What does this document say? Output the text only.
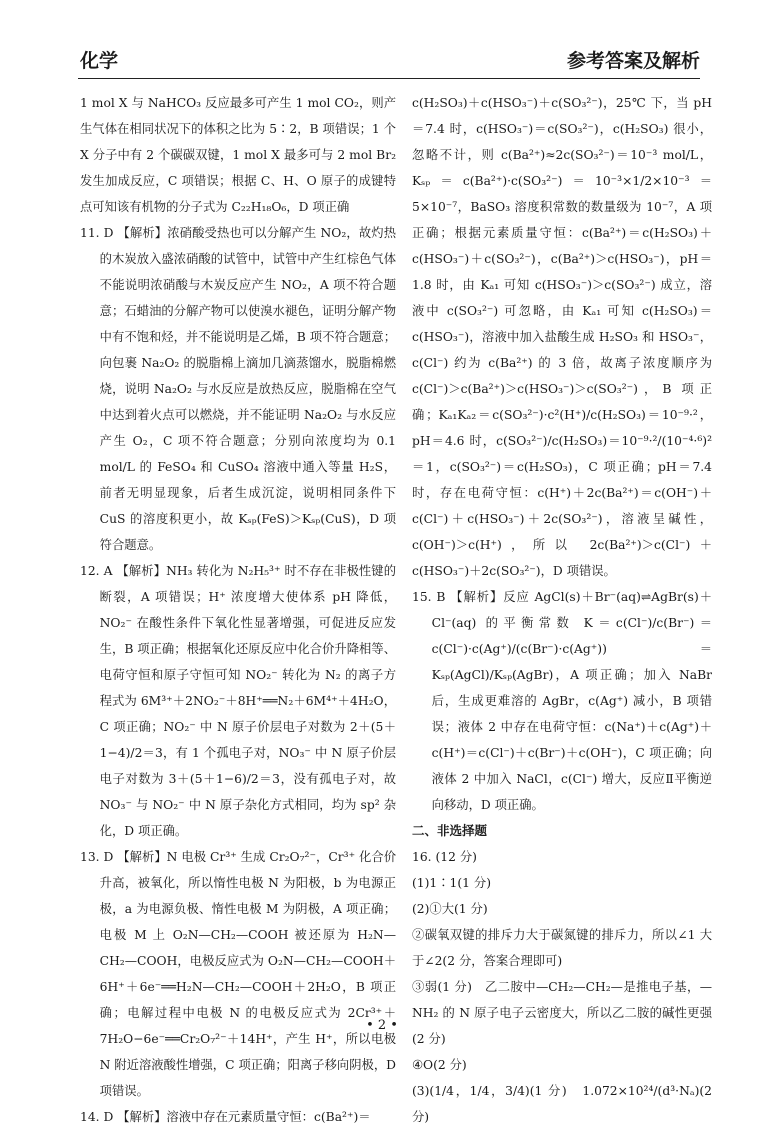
化学	参考答案及解析
1 mol X 与 NaHCO₃ 反应最多可产生 1 mol CO₂，则产生气体在相同状况下的体积之比为 5∶2，B 项错误；1 个 X 分子中有 2 个碳碳双键，1 mol X 最多可与 2 mol Br₂ 发生加成反应，C 项错误；根据 C、H、O 原子的成键特点可知该有机物的分子式为 C₂₂H₁₈O₆，D 项正确
11. D 【解析】浓硝酸受热也可以分解产生 NO₂，故灼热的木炭放入盛浓硝酸的试管中，试管中产生红棕色气体不能说明浓硝酸与木炭反应产生 NO₂，A 项不符合题意；石蜡油的分解产物可以使溴水褪色，证明分解产物中有不饱和烃，并不能说明是乙烯，B 项不符合题意；向包裹 Na₂O₂ 的脱脂棉上滴加几滴蒸馏水，脱脂棉燃烧，说明 Na₂O₂ 与水反应是放热反应，脱脂棉在空气中达到着火点可以燃烧，并不能证明 Na₂O₂ 与水反应产生 O₂，C 项不符合题意；分别向浓度均为 0.1 mol/L 的 FeSO₄ 和 CuSO₄ 溶液中通入等量 H₂S，前者无明显现象，后者生成沉淀，说明相同条件下 CuS 的溶度积更小，故 Kₛₚ(FeS)＞Kₛₚ(CuS)，D 项符合题意。
12. A 【解析】NH₃ 转化为 N₂H₅³⁺ 时不存在非极性键的断裂，A 项错误；H⁺ 浓度增大使体系 pH 降低，NO₂⁻ 在酸性条件下氧化性显著增强，可促进反应发生，B 项正确；根据氧化还原反应中化合价升降相等、电荷守恒和原子守恒可知 NO₂⁻ 转化为 N₂ 的离子方程式为 6M³⁺＋2NO₂⁻＋8H⁺══N₂＋6M⁴⁺＋4H₂O，C 项正确；NO₂⁻ 中 N 原子价层电子对数为 2＋(5＋1−4)/2＝3，有 1 个孤电子对，NO₃⁻ 中 N 原子价层电子对数为 3＋(5＋1−6)/2＝3，没有孤电子对，故 NO₃⁻ 与 NO₂⁻ 中 N 原子杂化方式相同，均为 sp² 杂化，D 项正确。
13. D 【解析】N 电极 Cr³⁺ 生成 Cr₂O₇²⁻，Cr³⁺ 化合价升高，被氧化，所以惰性电极 N 为阳极，b 为电源正极，a 为电源负极、惰性电极 M 为阴极，A 项正确；电极 M 上 O₂N—CH₂—COOH 被还原为 H₂N—CH₂—COOH，电极反应式为 O₂N—CH₂—COOH＋6H⁺＋6e⁻══H₂N—CH₂—COOH＋2H₂O，B 项正确；电解过程中电极 N 的电极反应式为 2Cr³⁺＋7H₂O−6e⁻══Cr₂O₇²⁻＋14H⁺，产生 H⁺，所以电极 N 附近溶液酸性增强，C 项正确；阳离子移向阴极，D 项错误。
14. D 【解析】溶液中存在元素质量守恒：c(Ba²⁺)＝
c(H₂SO₃)＋c(HSO₃⁻)＋c(SO₃²⁻)，25℃ 下，当 pH＝7.4 时，c(HSO₃⁻)＝c(SO₃²⁻)，c(H₂SO₃) 很小，忽略不计，则 c(Ba²⁺)≈2c(SO₃²⁻)＝10⁻³ mol/L，Kₛₚ＝c(Ba²⁺)·c(SO₃²⁻)＝10⁻³×1/2×10⁻³＝5×10⁻⁷，BaSO₃ 溶度积常数的数量级为 10⁻⁷，A 项正确；根据元素质量守恒：c(Ba²⁺)＝c(H₂SO₃)＋c(HSO₃⁻)＋c(SO₃²⁻)，c(Ba²⁺)＞c(HSO₃⁻)，pH＝1.8 时，由 Kₐ₁ 可知 c(HSO₃⁻)＞c(SO₃²⁻) 成立，溶液中 c(SO₃²⁻) 可忽略，由 Kₐ₁ 可知 c(H₂SO₃)＝c(HSO₃⁻)，溶液中加入盐酸生成 H₂SO₃ 和 HSO₃⁻，c(Cl⁻) 约为 c(Ba²⁺) 的 3 倍，故离子浓度顺序为 c(Cl⁻)＞c(Ba²⁺)＞c(HSO₃⁻)＞c(SO₃²⁻)，B 项正确；Kₐ₁Kₐ₂＝c(SO₃²⁻)·c²(H⁺)/c(H₂SO₃)＝10⁻⁹·²，pH＝4.6 时，c(SO₃²⁻)/c(H₂SO₃)＝10⁻⁹·²/(10⁻⁴·⁶)²＝1，c(SO₃²⁻)＝c(H₂SO₃)，C 项正确；pH＝7.4 时，存在电荷守恒：c(H⁺)＋2c(Ba²⁺)＝c(OH⁻)＋c(Cl⁻)＋c(HSO₃⁻)＋2c(SO₃²⁻)，溶液呈碱性，c(OH⁻)＞c(H⁺)，所以 2c(Ba²⁺)＞c(Cl⁻)＋c(HSO₃⁻)＋2c(SO₃²⁻)，D 项错误。
15. B 【解析】反应 AgCl(s)＋Br⁻(aq)⇌AgBr(s)＋Cl⁻(aq) 的平衡常数 K＝c(Cl⁻)/c(Br⁻)＝c(Cl⁻)·c(Ag⁺)/(c(Br⁻)·c(Ag⁺))＝Kₛₚ(AgCl)/Kₛₚ(AgBr)，A 项正确；加入 NaBr 后，生成更难溶的 AgBr，c(Ag⁺) 减小，B 项错误；液体 2 中存在电荷守恒：c(Na⁺)＋c(Ag⁺)＋c(H⁺)＝c(Cl⁻)＋c(Br⁻)＋c(OH⁻)，C 项正确；向液体 2 中加入 NaCl，c(Cl⁻) 增大，反应Ⅱ平衡逆向移动，D 项正确。
二、非选择题
16. (12 分)
(1)1∶1(1 分)
(2)①大(1 分)
②碳氧双键的排斥力大于碳氮键的排斥力，所以∠1 大于∠2(2 分，答案合理即可)
③弱(1 分)　乙二胺中—CH₂—CH₂—是推电子基，—NH₂ 的 N 原子电子云密度大，所以乙二胺的碱性更强(2 分)
④O(2 分)
(3)(1/4，1/4，3/4)(1 分)　1.072×10²⁴/(d³·Nₐ)(2 分)
• 2 •
